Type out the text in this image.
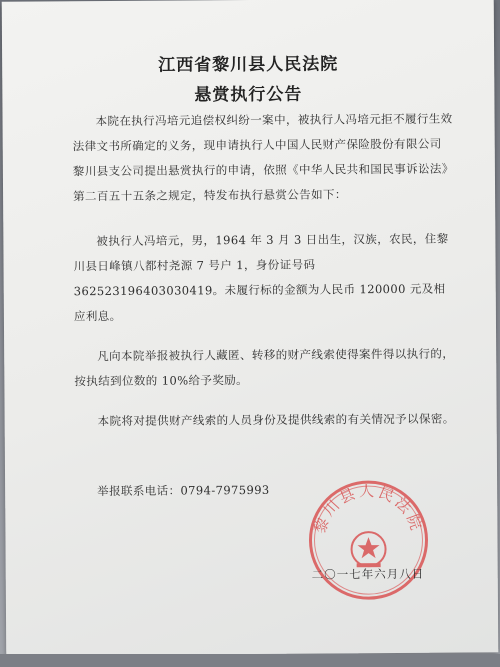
江西省黎川县人民法院
悬赏执行公告

本院在执行冯培元追偿权纠纷一案中，被执行人冯培元拒不履行生效法律文书所确定的义务，现申请执行人中国人民财产保险股份有限公司黎川县支公司提出悬赏执行的申请，依照《中华人民共和国民事诉讼法》第二百五十五条之规定，特发布执行悬赏公告如下：

被执行人冯培元，男，1964 年 3 月 3 日出生，汉族，农民，住黎川县日峰镇八都村尧源 7 号户 1，身份证号码 362523196403030419。未履行标的金额为人民币 120000 元及相应利息。

凡向本院举报被执行人藏匿、转移的财产线索使得案件得以执行的，按执结到位数的 10%给予奖励。

本院将对提供财产线索的人员身份及提供线索的有关情况予以保密。

举报联系电话：0794-7975993
黎川县人民法院
二〇一七年六月八日
